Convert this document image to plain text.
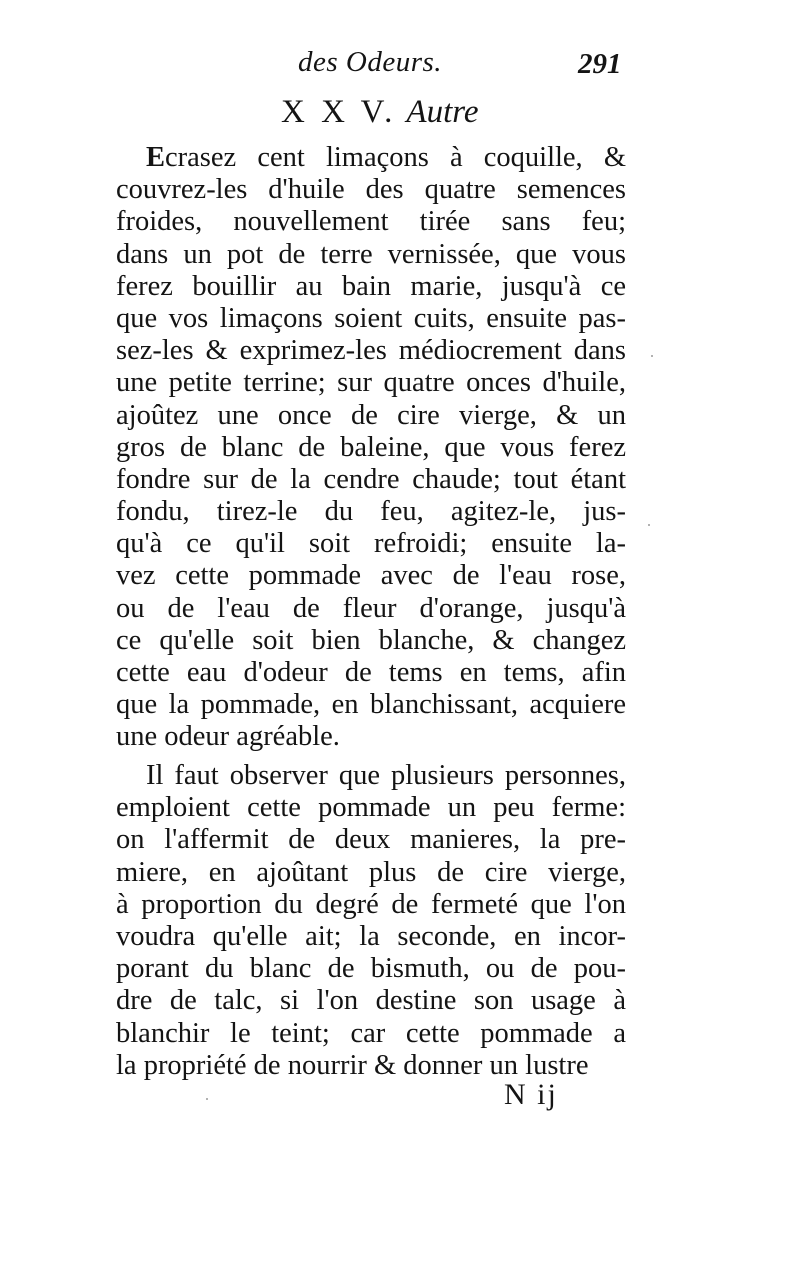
des Odeurs.	291
X X V. Autre
Ecrasez cent limaçons à coquille, &
couvrez-les d'huile des quatre semences
froides, nouvellement tirée sans feu;
dans un pot de terre vernissée, que vous
ferez bouillir au bain marie, jusqu'à ce
que vos limaçons soient cuits, ensuite pas-
sez-les & exprimez-les médiocrement dans
une petite terrine; sur quatre onces d'huile,
ajoûtez une once de cire vierge, & un
gros de blanc de baleine, que vous ferez
fondre sur de la cendre chaude; tout étant
fondu, tirez-le du feu, agitez-le, jus-
qu'à ce qu'il soit refroidi; ensuite la-
vez cette pommade avec de l'eau rose,
ou de l'eau de fleur d'orange, jusqu'à
ce qu'elle soit bien blanche, & changez
cette eau d'odeur de tems en tems, afin
que la pommade, en blanchissant, acquiere
une odeur agréable.
Il faut observer que plusieurs personnes,
emploient cette pommade un peu ferme:
on l'affermit de deux manieres, la pre-
miere, en ajoûtant plus de cire vierge,
à proportion du degré de fermeté que l'on
voudra qu'elle ait; la seconde, en incor-
porant du blanc de bismuth, ou de pou-
dre de talc, si l'on destine son usage à
blanchir le teint; car cette pommade a
la propriété de nourrir & donner un lustre
N ij
